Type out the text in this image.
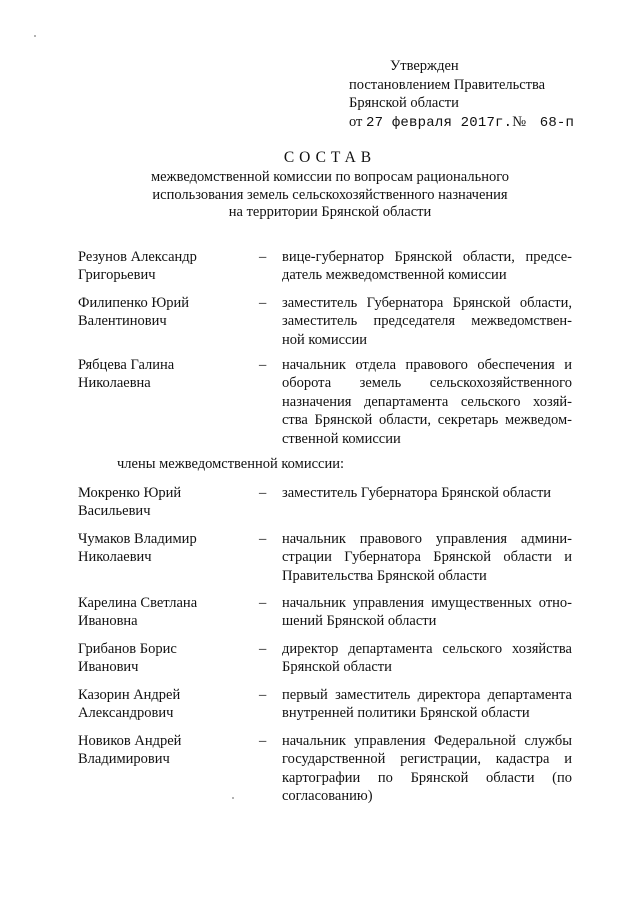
Утвержден
постановлением Правительства
Брянской области
от 27 февраля 2017г.№ 68-п
СОСТАВ
межведомственной комиссии по вопросам рационального
использования земель сельскохозяйственного назначения
на территории Брянской области
Резунов Александр
Григорьевич
– вице-губернатор Брянской области, предсе-
датель межведомственной комиссии
Филипенко Юрий
Валентинович
– заместитель Губернатора Брянской области,
заместитель председателя межведомствен-
ной комиссии
Рябцева Галина
Николаевна
– начальник отдела правового обеспечения и
оборота земель сельскохозяйственного
назначения департамента сельского хозяй-
ства Брянской области, секретарь межведом-
ственной комиссии
члены межведомственной комиссии:
Мокренко Юрий
Васильевич
– заместитель Губернатора Брянской области
Чумаков Владимир
Николаевич
– начальник правового управления админи-
страции Губернатора Брянской области и
Правительства Брянской области
Карелина Светлана
Ивановна
– начальник управления имущественных отно-
шений Брянской области
Грибанов Борис
Иванович
– директор департамента сельского хозяйства
Брянской области
Казорин Андрей
Александрович
– первый заместитель директора департамента
внутренней политики Брянской области
Новиков Андрей
Владимирович
– начальник управления Федеральной службы
государственной регистрации, кадастра и
картографии по Брянской области (по
согласованию)
